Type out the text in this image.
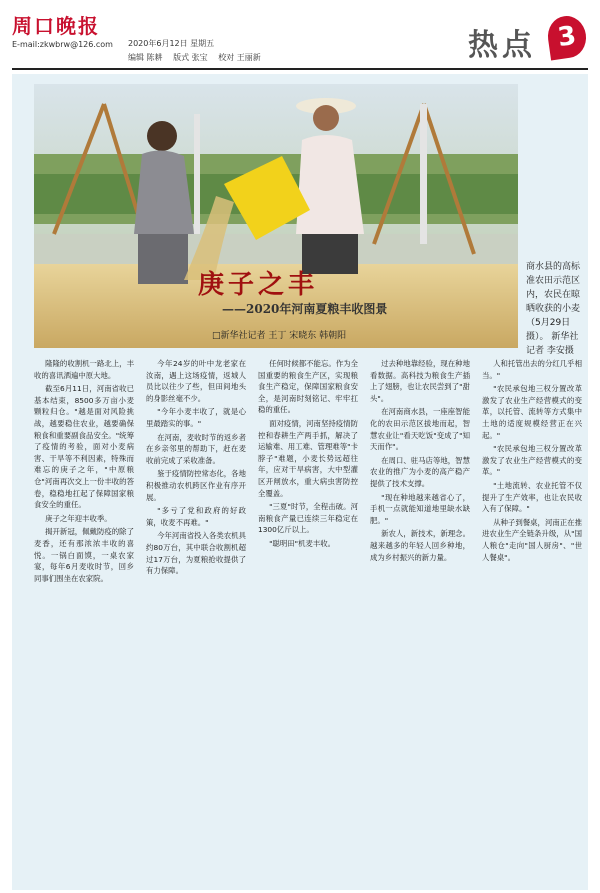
周口晚报
E-mail:zkwbrw@126.com 2020年6月12日 星期五
编辑 陈耕 版式 张宝 校对 王丽新	热点 3
庚子之丰
——2020年河南夏粮丰收图景
□新华社记者 王丁 宋晓东 韩朝阳
商水县的高标准农田示范区内，农民在晾晒收获的小麦（5月29日摄）。 新华社记者 李安摄

隆隆的收割机一路北上，丰收的喜讯洒遍中原大地。

截至6月11日，河南省收已基本结束，8500多万亩小麦颗粒归仓。"越是面对风险挑战，越要稳住农业，越要确保粮食和重要副食品安全。"统筹了疫情的考验，面对小麦病害、干旱等不利因素，特殊而难忘的庚子之年，"中原粮仓"河南再次交上一份丰收的答卷，稳稳地扛起了保障国家粮食安全的重任。

庚子之年迎丰收季。

揭开新冠，佩戴防疫的除了麦香，还有那浓浓丰收的喜悦。一锅白面馍，一桌农家宴，每年6月麦收时节，回乡同事们围坐在农家院。

今年24岁的叶中龙老家在汝南，遇上这场疫情，返城人员比以往少了些，但田间地头的身影丝毫不少。

"今年小麦丰收了，就是心里最踏实的事。"

在河南，麦收时节的返乡者在乡亲邻里的帮助下，赶在麦收前完成了采收准备。

鉴于疫情防控常态化，各地积极推动农机跨区作业有序开展。

"多亏了党和政府的好政策，收麦不再难。"

今年河南省投入各类农机具约80万台，其中联合收割机超过17万台，为夏粮抢收提供了有力保障。

任何时候都不能忘。作为全国重要的粮食生产区，实现粮食生产稳定，保障国家粮食安全，是河南时刻铭记、牢牢扛稳的重任。

面对疫情，河南坚持疫情防控和春耕生产两手抓，解决了运输难、用工难、管理难等"卡脖子"难题，小麦长势远超往年，应对干旱病害，大中型灌区开闸放水，重大病虫害防控全覆盖。

"三夏"时节，全程击破。河南粮食产量已连续三年稳定在1300亿斤以上。

"聪明田"机麦丰收。

过去种地靠经验，现在种地看数据。高科技为粮食生产插上了翅膀，也让农民尝到了"甜头"。

在河南商水县，一座座智能化的农田示范区拔地而起，智慧农业让"看天吃饭"变成了"知天而作"。

在周口、驻马店等地，智慧农业的推广为小麦的高产稳产提供了技术支撑。

"现在种地越来越省心了，手机一点就能知道地里缺水缺肥。"

新农人，新技术，新理念。越来越多的年轻人回乡种地，成为乡村振兴的新力量。

人和托管出去的分红几乎相当。"

"农民承包地三权分置改革激发了农业生产经营模式的变革，以托管、流转等方式集中土地的适度规模经营正在兴起。"

"农民承包地三权分置改革激发了农业生产经营模式的变革。"

"土地流转、农业托管不仅提升了生产效率，也让农民收入有了保障。"

从种子到餐桌，河南正在推进农业生产全链条升级，从"国人粮仓"走向"国人厨房"、"世人餐桌"。
